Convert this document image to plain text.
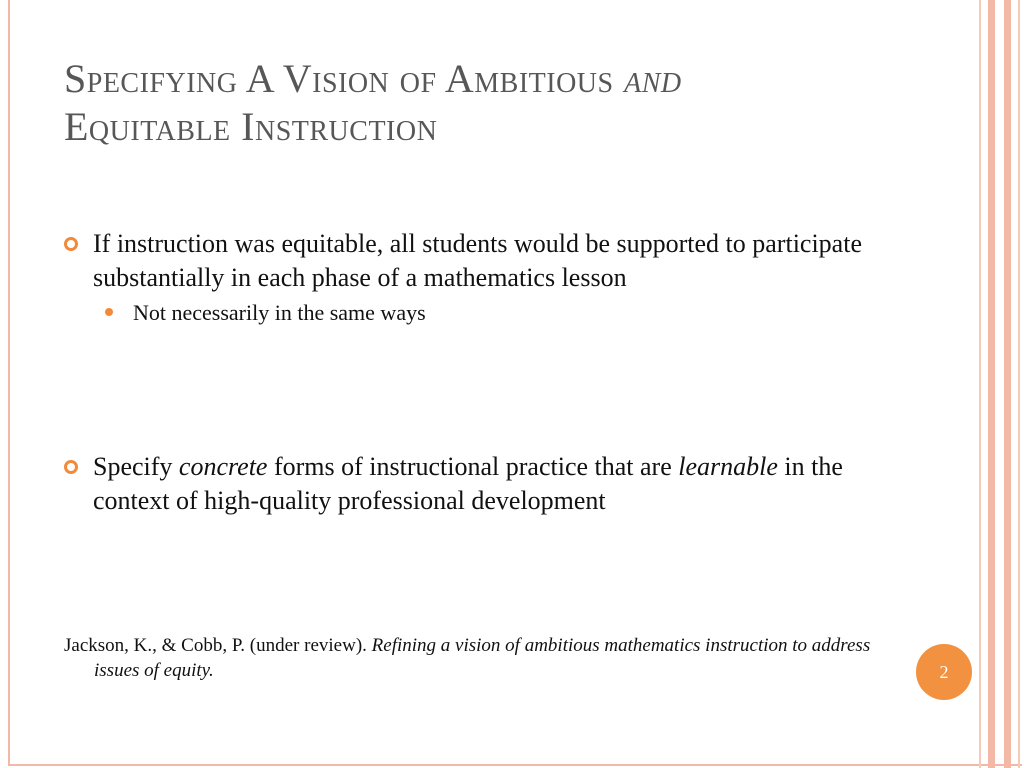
Specifying A Vision of Ambitious and
Equitable Instruction
If instruction was equitable, all students would be supported to participate substantially in each phase of a mathematics lesson
Not necessarily in the same ways
Specify concrete forms of instructional practice that are learnable in the context of high-quality professional development
Jackson, K., & Cobb, P. (under review). Refining a vision of ambitious mathematics instruction to address issues of equity.	2
